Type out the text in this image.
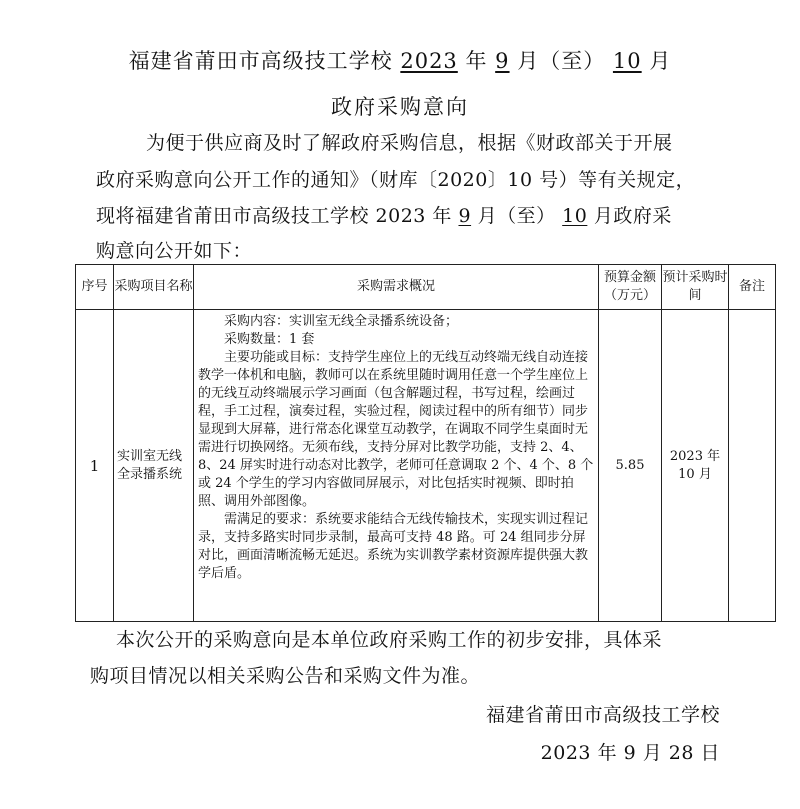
福建省莆田市高级技工学校 2023 年 9 月（至） 10 月
政府采购意向
为便于供应商及时了解政府采购信息，根据《财政部关于开展
政府采购意向公开工作的通知》（财库〔2020〕10 号）等有关规定，
现将福建省莆田市高级技工学校 2023 年 9 月（至） 10 月政府采
购意向公开如下：
序号	采购项目名称	采购需求概况	预算金额（万元）	预计采购时间	备注
1	实训室无线全录播系统	采购内容：实训室无线全录播系统设备；

采购数量：1 套

主要功能或目标：支持学生座位上的无线互动终端无线自动连接教学一体机和电脑，教师可以在系统里随时调用任意一个学生座位上的无线互动终端展示学习画面（包含解题过程，书写过程，绘画过程，手工过程，演奏过程，实验过程，阅读过程中的所有细节）同步显现到大屏幕，进行常态化课堂互动教学，在调取不同学生桌面时无需进行切换网络。无须布线，支持分屏对比教学功能，支持 2、4、8、24 屏实时进行动态对比教学，老师可任意调取 2 个、4 个、8 个或 24 个学生的学习内容做同屏展示，对比包括实时视频、即时拍照、调用外部图像。

需满足的要求：系统要求能结合无线传输技术，实现实训过程记录，支持多路实时同步录制，最高可支持 48 路。可 24 组同步分屏对比，画面清晰流畅无延迟。系统为实训教学素材资源库提供强大教学后盾。	5.85	2023 年 10 月	
本次公开的采购意向是本单位政府采购工作的初步安排，具体采
购项目情况以相关采购公告和采购文件为准。
福建省莆田市高级技工学校
2023 年 9 月 28 日
